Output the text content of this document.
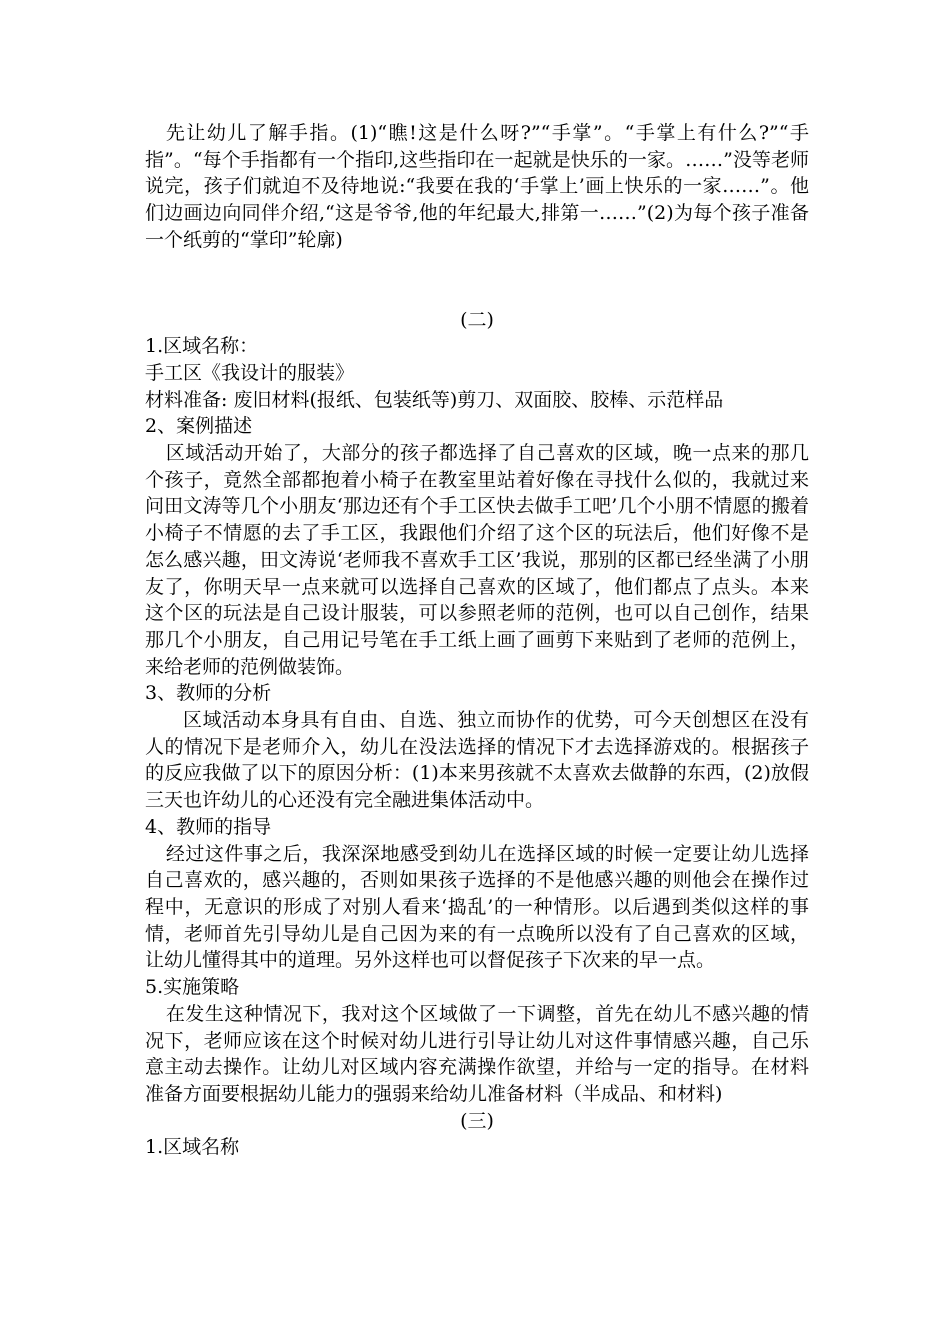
先让幼儿了解手指。(1)“瞧!这是什么呀?”“手掌”。“手掌上有什么?”“手指”。“每个手指都有一个指印,这些指印在一起就是快乐的一家。……”没等老师说完，孩子们就迫不及待地说:“我要在我的‘手掌上’画上快乐的一家……”。他们边画边向同伴介绍,“这是爷爷,他的年纪最大,排第一……”(2)为每个孩子准备一个纸剪的“掌印”轮廓)

(二)

1.区域名称：

手工区《我设计的服装》

材料准备: 废旧材料(报纸、包装纸等)剪刀、双面胶、胶棒、示范样品

2、案例描述

区域活动开始了，大部分的孩子都选择了自己喜欢的区域，晚一点来的那几个孩子，竟然全部都抱着小椅子在教室里站着好像在寻找什么似的，我就过来问田文涛等几个小朋友‘那边还有个手工区快去做手工吧’几个小朋不情愿的搬着小椅子不情愿的去了手工区，我跟他们介绍了这个区的玩法后，他们好像不是怎么感兴趣，田文涛说‘老师我不喜欢手工区’我说，那别的区都已经坐满了小朋友了，你明天早一点来就可以选择自己喜欢的区域了，他们都点了点头。本来这个区的玩法是自己设计服装，可以参照老师的范例，也可以自己创作，结果那几个小朋友，自己用记号笔在手工纸上画了画剪下来贴到了老师的范例上，来给老师的范例做装饰。

3、教师的分析

区域活动本身具有自由、自选、独立而协作的优势，可今天创想区在没有人的情况下是老师介入，幼儿在没法选择的情况下才去选择游戏的。根据孩子的反应我做了以下的原因分析：(1)本来男孩就不太喜欢去做静的东西，(2)放假三天也许幼儿的心还没有完全融进集体活动中。

4、教师的指导

经过这件事之后，我深深地感受到幼儿在选择区域的时候一定要让幼儿选择自己喜欢的，感兴趣的，否则如果孩子选择的不是他感兴趣的则他会在操作过程中，无意识的形成了对别人看来‘捣乱’的一种情形。以后遇到类似这样的事情，老师首先引导幼儿是自己因为来的有一点晚所以没有了自己喜欢的区域，让幼儿懂得其中的道理。另外这样也可以督促孩子下次来的早一点。

5.实施策略

在发生这种情况下，我对这个区域做了一下调整，首先在幼儿不感兴趣的情况下，老师应该在这个时候对幼儿进行引导让幼儿对这件事情感兴趣，自己乐意主动去操作。让幼儿对区域内容充满操作欲望，并给与一定的指导。在材料准备方面要根据幼儿能力的强弱来给幼儿准备材料（半成品、和材料)

(三)

1.区域名称
